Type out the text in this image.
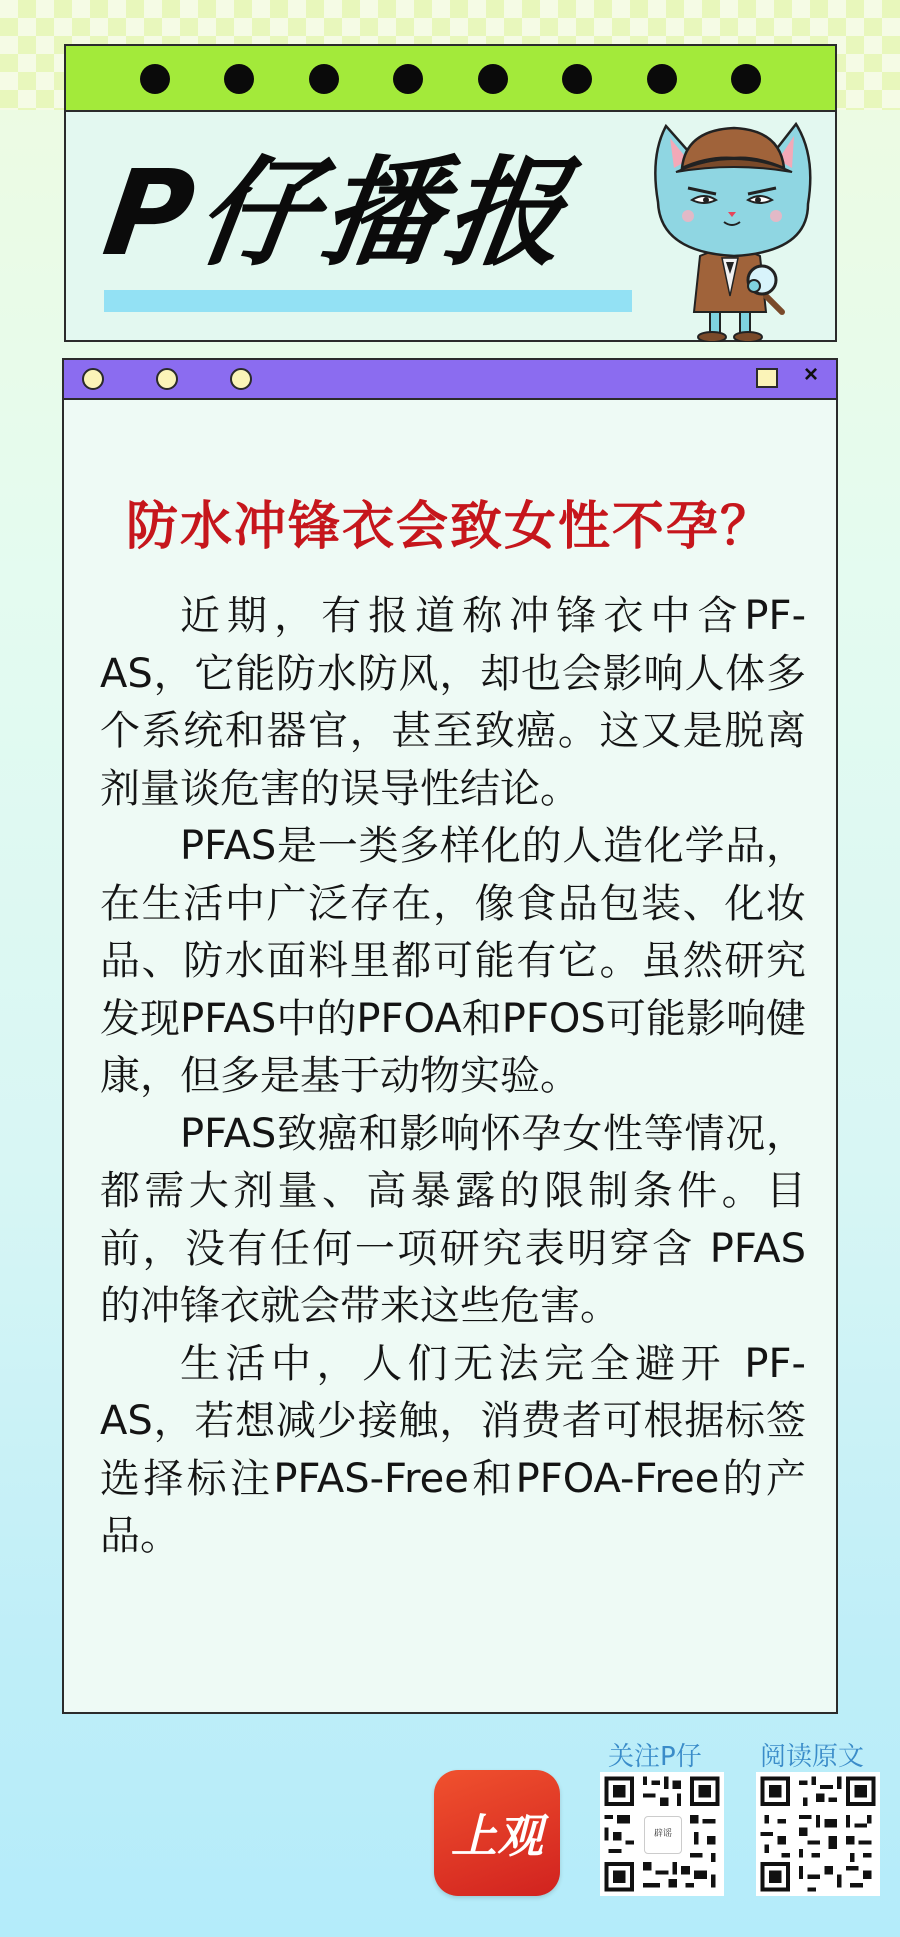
P仔播报
×
防水冲锋衣会致女性不孕？

近期，有报道称冲锋衣中含PF-AS，它能防水防风，却也会影响人体多个系统和器官，甚至致癌。这又是脱离剂量谈危害的误导性结论。

PFAS是一类多样化的人造化学品，在生活中广泛存在，像食品包装、化妆品、防水面料里都可能有它。虽然研究发现PFAS中的PFOA和PFOS可能影响健康，但多是基于动物实验。

PFAS致癌和影响怀孕女性等情况，都需大剂量、高暴露的限制条件。目前，没有任何一项研究表明穿含 PFAS的冲锋衣就会带来这些危害。

生活中，人们无法完全避开 PF-AS，若想减少接触，消费者可根据标签选择标注PFAS-Free和PFOA-Free的产品。

关注P仔 阅读原文
上观	辟谣
